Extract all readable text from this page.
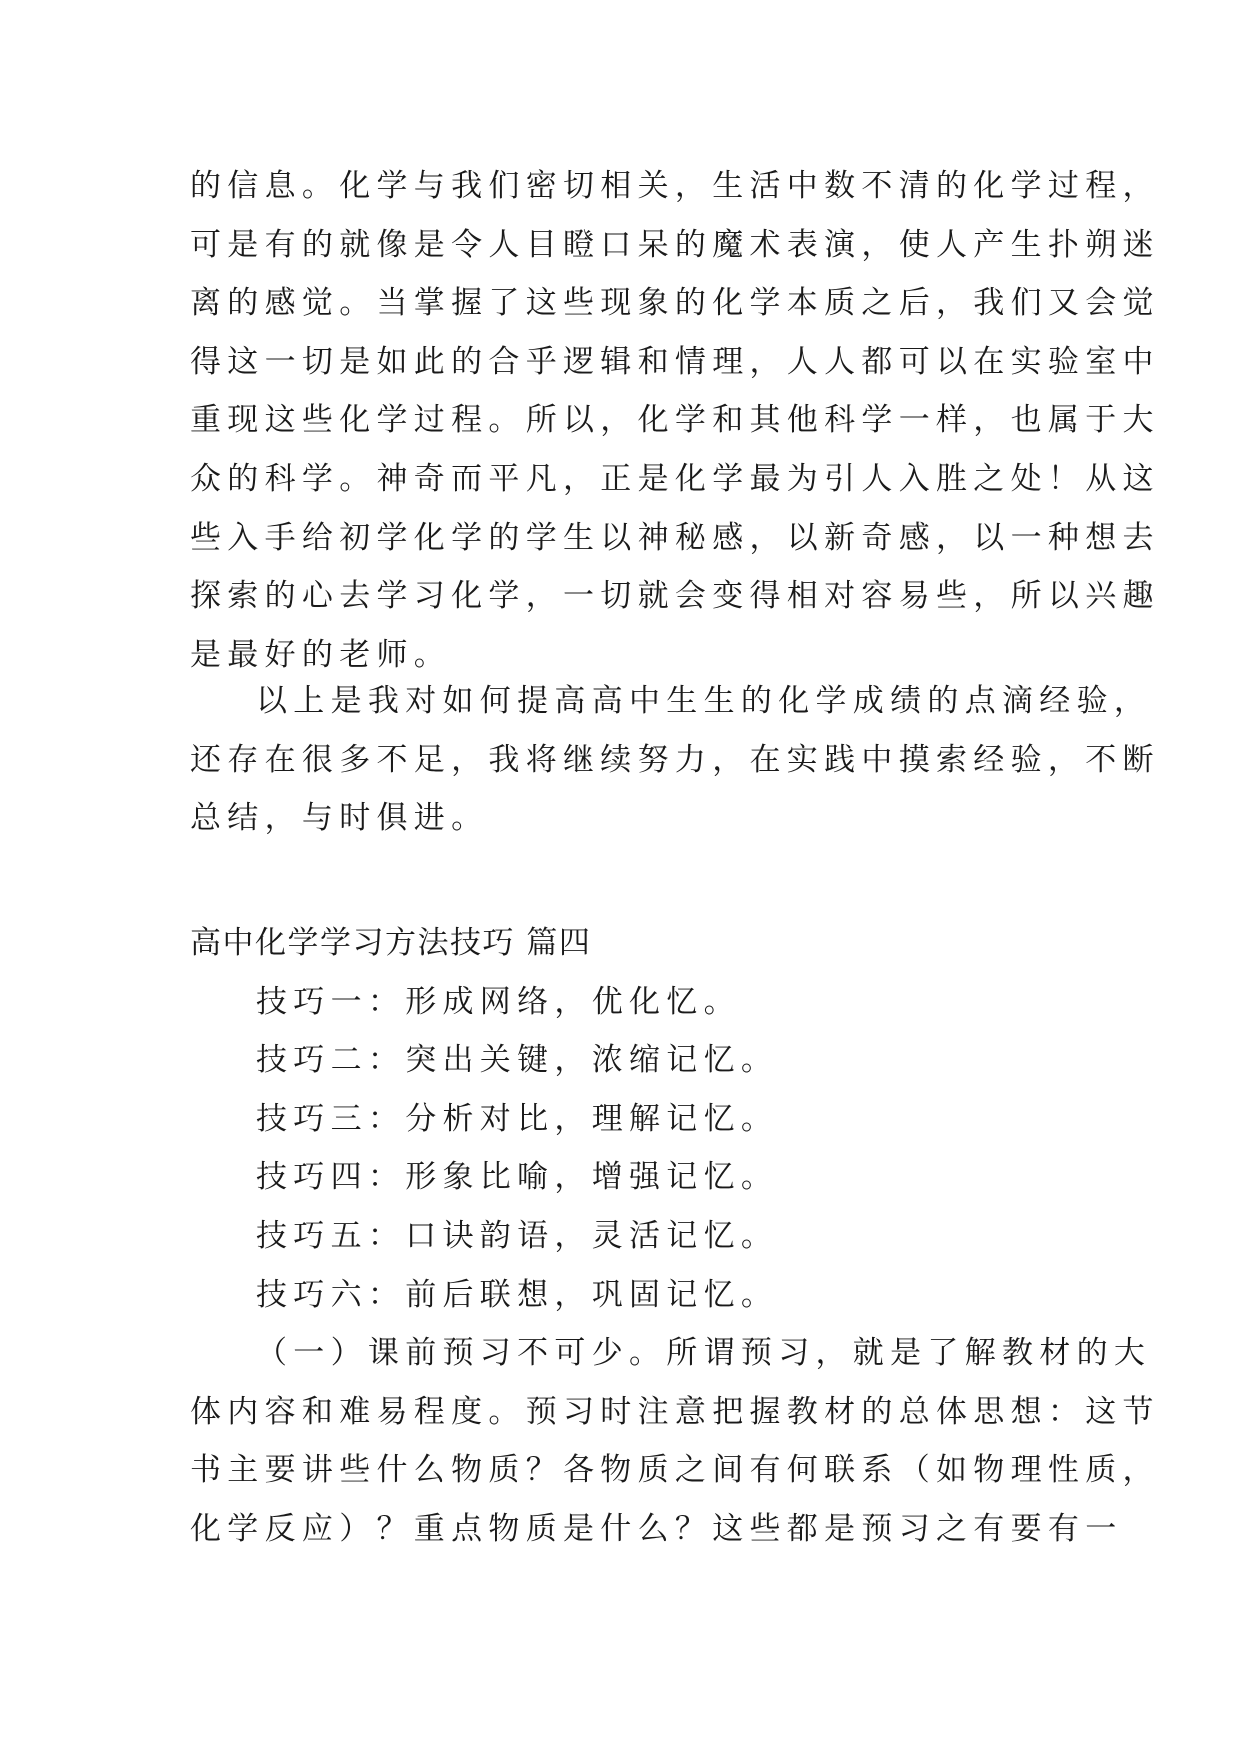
的信息。化学与我们密切相关，生活中数不清的化学过程，
可是有的就像是令人目瞪口呆的魔术表演，使人产生扑朔迷
离的感觉。当掌握了这些现象的化学本质之后，我们又会觉
得这一切是如此的合乎逻辑和情理，人人都可以在实验室中
重现这些化学过程。所以，化学和其他科学一样，也属于大
众的科学。神奇而平凡，正是化学最为引人入胜之处！从这
些入手给初学化学的学生以神秘感，以新奇感，以一种想去
探索的心去学习化学，一切就会变得相对容易些，所以兴趣
是最好的老师。
以上是我对如何提高高中生生的化学成绩的点滴经验，
还存在很多不足，我将继续努力，在实践中摸索经验，不断
总结，与时俱进。
高中化学学习方法技巧 篇四
技巧一：形成网络，优化忆。
技巧二：突出关键，浓缩记忆。
技巧三：分析对比，理解记忆。
技巧四：形象比喻，增强记忆。
技巧五：口诀韵语，灵活记忆。
技巧六：前后联想，巩固记忆。
（一）课前预习不可少。所谓预习，就是了解教材的大
体内容和难易程度。预习时注意把握教材的总体思想：这节
书主要讲些什么物质？各物质之间有何联系（如物理性质，
化学反应）？重点物质是什么？这些都是预习之有要有一
